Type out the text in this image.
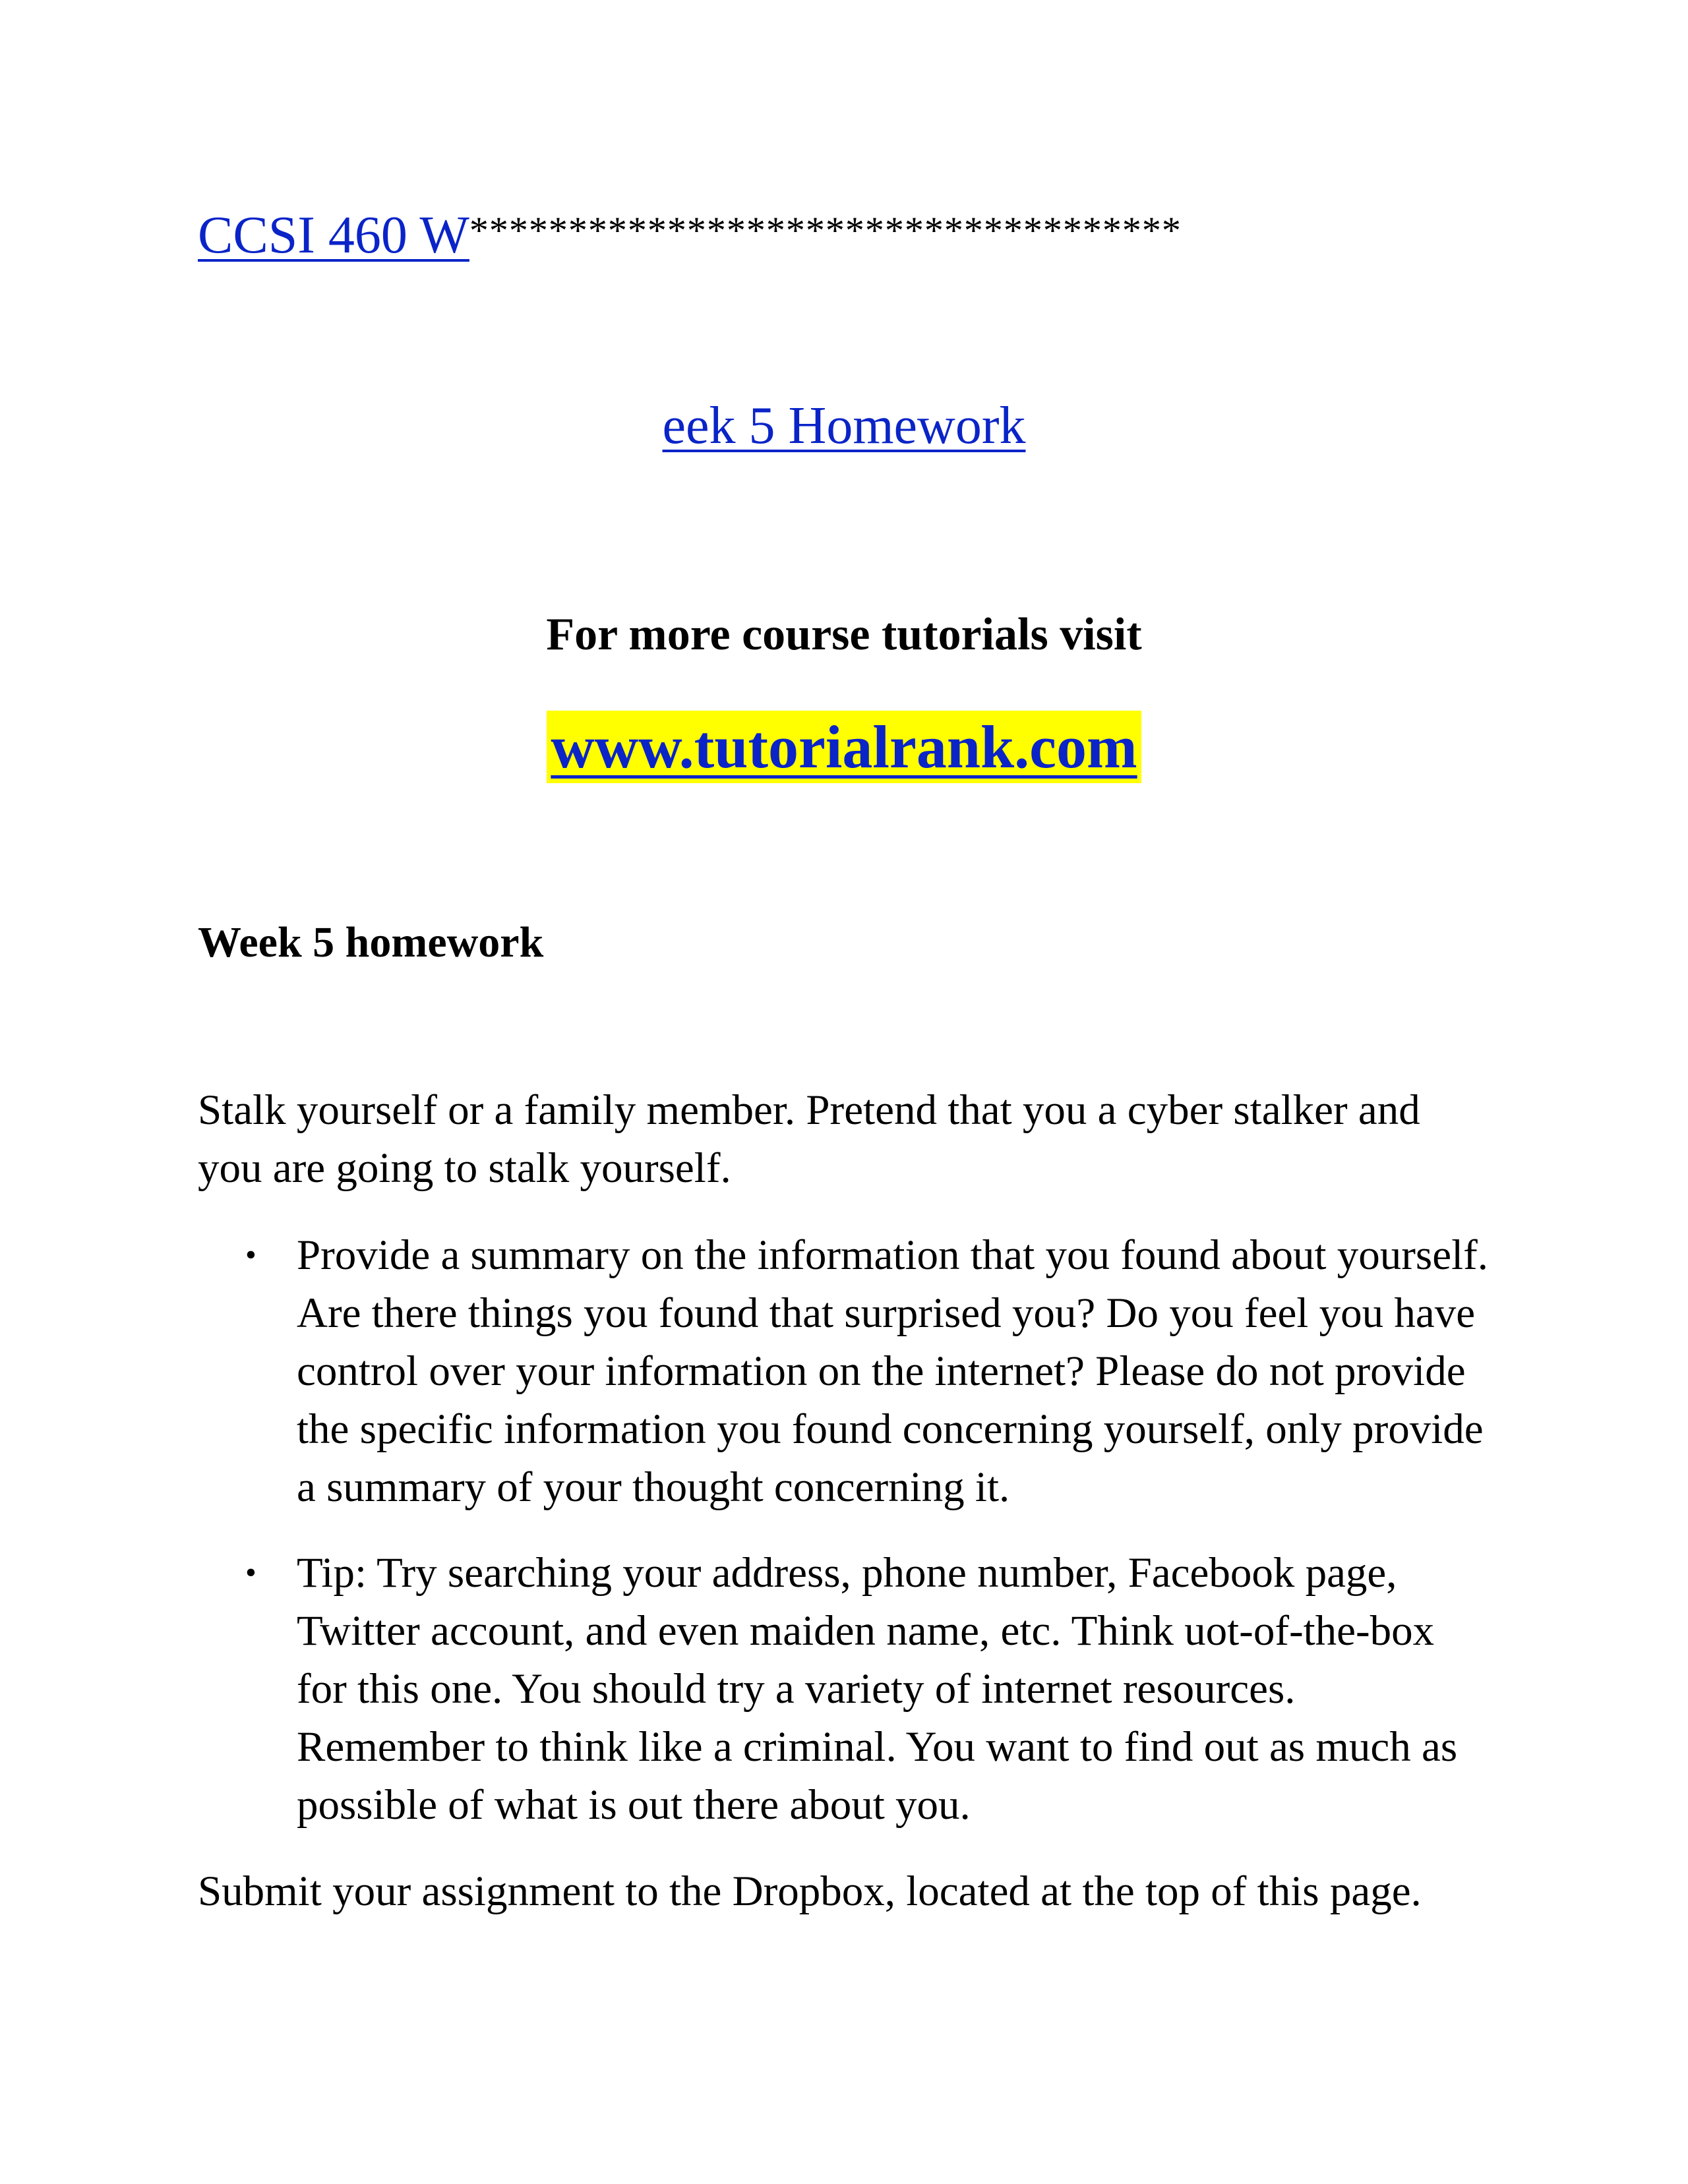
CCSI 460 W************************************
eek 5 Homework
For more course tutorials visit
www.tutorialrank.com
Week 5 homework
Stalk yourself or a family member. Pretend that you a cyber stalker and you are going to stalk yourself.
• Provide a summary on the information that you found about yourself. Are there things you found that surprised you? Do you feel you have control over your information on the internet? Please do not provide the specific information you found concerning yourself, only provide a summary of your thought concerning it.
• Tip: Try searching your address, phone number, Facebook page, Twitter account, and even maiden name, etc. Think uot-of-the-box for this one. You should try a variety of internet resources. Remember to think like a criminal. You want to find out as much as possible of what is out there about you.
Submit your assignment to the Dropbox, located at the top of this page.
